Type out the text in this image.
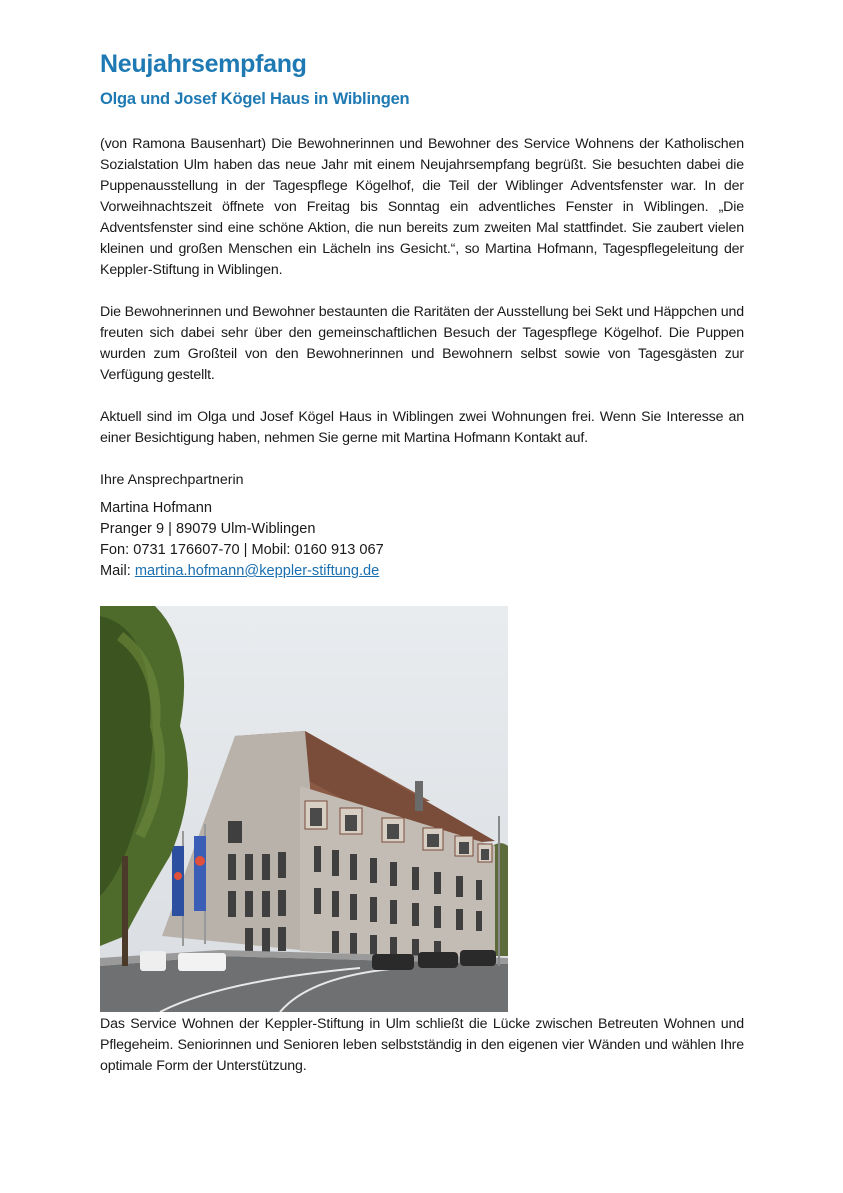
Neujahrsempfang
Olga und Josef Kögel Haus in Wiblingen

(von Ramona Bausenhart) Die Bewohnerinnen und Bewohner des Service Wohnens der Katholischen Sozialstation Ulm haben das neue Jahr mit einem Neujahrsempfang begrüßt. Sie besuchten dabei die Puppenausstellung in der Tagespflege Kögelhof, die Teil der Wiblinger Adventsfenster war. In der Vorweihnachtszeit öffnete von Freitag bis Sonntag ein adventliches Fenster in Wiblingen. „Die Adventsfenster sind eine schöne Aktion, die nun bereits zum zweiten Mal stattfindet. Sie zaubert vielen kleinen und großen Menschen ein Lächeln ins Gesicht.“, so Martina Hofmann, Tagespflegeleitung der Keppler-Stiftung in Wiblingen.

Die Bewohnerinnen und Bewohner bestaunten die Raritäten der Ausstellung bei Sekt und Häppchen und freuten sich dabei sehr über den gemeinschaftlichen Besuch der Tagespflege Kögelhof. Die Puppen wurden zum Großteil von den Bewohnerinnen und Bewohnern selbst sowie von Tagesgästen zur Verfügung gestellt.

Aktuell sind im Olga und Josef Kögel Haus in Wiblingen zwei Wohnungen frei. Wenn Sie Interesse an einer Besichtigung haben, nehmen Sie gerne mit Martina Hofmann Kontakt auf.

Ihre Ansprechpartnerin

Martina Hofmann
Pranger 9 | 89079 Ulm-Wiblingen
Fon: 0731 176607-70 | Mobil: 0160 913 067
Mail: martina.hofmann@keppler-stiftung.de

Das Service Wohnen der Keppler-Stiftung in Ulm schließt die Lücke zwischen Betreuten Wohnen und Pflegeheim. Seniorinnen und Senioren leben selbstständig in den eigenen vier Wänden und wählen Ihre optimale Form der Unterstützung.
